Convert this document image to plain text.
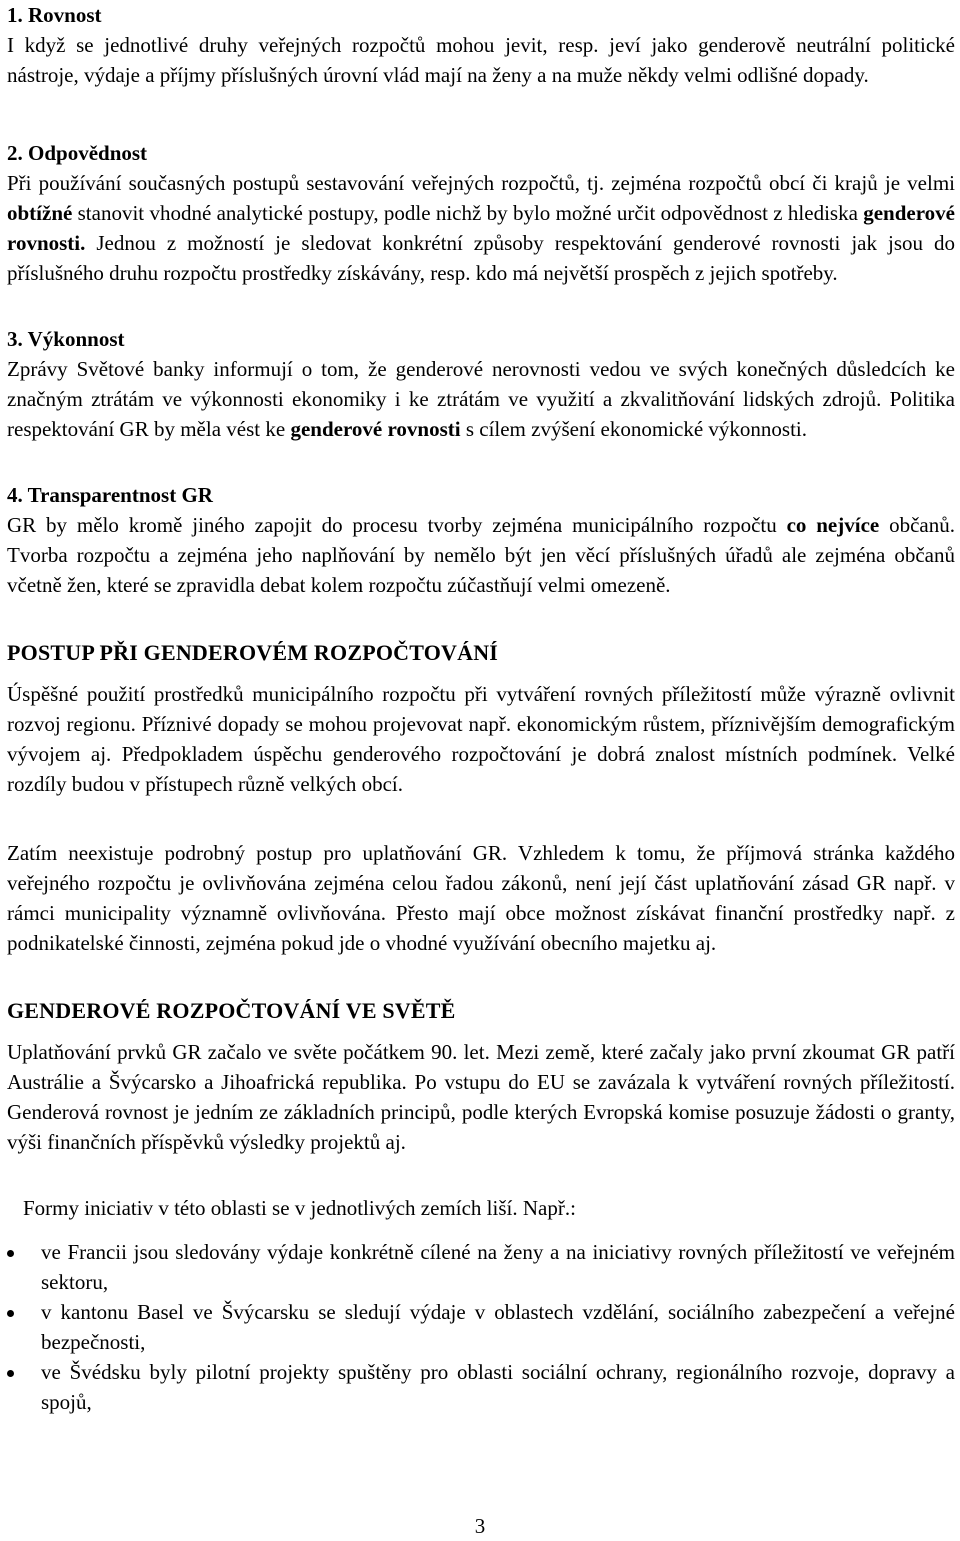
1. Rovnost

I když se jednotlivé druhy veřejných rozpočtů mohou jevit, resp. jeví jako genderově neutrální politické nástroje, výdaje a příjmy příslušných úrovní vlád mají na ženy a na muže někdy velmi odlišné dopady.

2. Odpovědnost

Při používání současných postupů sestavování veřejných rozpočtů, tj. zejména rozpočtů obcí či krajů je velmi obtížné stanovit vhodné analytické postupy, podle nichž by bylo možné určit odpovědnost z hlediska genderové rovnosti. Jednou z možností je sledovat konkrétní způsoby respektování genderové rovnosti jak jsou do příslušného druhu rozpočtu prostředky získávány, resp. kdo má největší prospěch z jejich spotřeby.

3. Výkonnost

Zprávy Světové banky informují o tom, že genderové nerovnosti vedou ve svých konečných důsledcích ke značným ztrátám ve výkonnosti ekonomiky i ke ztrátám ve využití a zkvalitňování lidských zdrojů. Politika respektování GR by měla vést ke genderové rovnosti s cílem zvýšení ekonomické výkonnosti.

4. Transparentnost GR

GR by mělo kromě jiného zapojit do procesu tvorby zejména municipálního rozpočtu co nejvíce občanů. Tvorba rozpočtu a zejména jeho naplňování by nemělo být jen věcí příslušných úřadů ale zejména občanů včetně žen, které se zpravidla debat kolem rozpočtu zúčastňují velmi omezeně.

POSTUP PŘI GENDEROVÉM ROZPOČTOVÁNÍ

Úspěšné použití prostředků municipálního rozpočtu při vytváření rovných příležitostí může výrazně ovlivnit rozvoj regionu. Příznivé dopady se mohou projevovat např. ekonomickým růstem, příznivějším demografickým vývojem aj. Předpokladem úspěchu genderového rozpočtování je dobrá znalost místních podmínek. Velké rozdíly budou v přístupech různě velkých obcí.

Zatím neexistuje podrobný postup pro uplatňování GR. Vzhledem k tomu, že příjmová stránka každého veřejného rozpočtu je ovlivňována zejména celou řadou zákonů, není její část uplatňování zásad GR např. v rámci municipality významně ovlivňována. Přesto mají obce možnost získávat finanční prostředky např. z podnikatelské činnosti, zejména pokud jde o vhodné využívání obecního majetku aj.

GENDEROVÉ ROZPOČTOVÁNÍ VE SVĚTĚ

Uplatňování prvků GR začalo ve světe počátkem 90. let. Mezi země, které začaly jako první zkoumat GR patří Austrálie a Švýcarsko a Jihoafrická republika. Po vstupu do EU se zavázala k vytváření rovných příležitostí. Genderová rovnost je jedním ze základních principů, podle kterých Evropská komise posuzuje žádosti o granty, výši finančních příspěvků výsledky projektů aj.

Formy iniciativ v této oblasti se v jednotlivých zemích liší. Např.:

ve Francii jsou sledovány výdaje konkrétně cílené na ženy a na iniciativy rovných příležitostí ve veřejném sektoru,
v kantonu Basel ve Švýcarsku se sledují výdaje v oblastech vzdělání, sociálního zabezpečení a veřejné bezpečnosti,
ve Švédsku byly pilotní projekty spuštěny pro oblasti sociální ochrany, regionálního rozvoje, dopravy a spojů,
3
